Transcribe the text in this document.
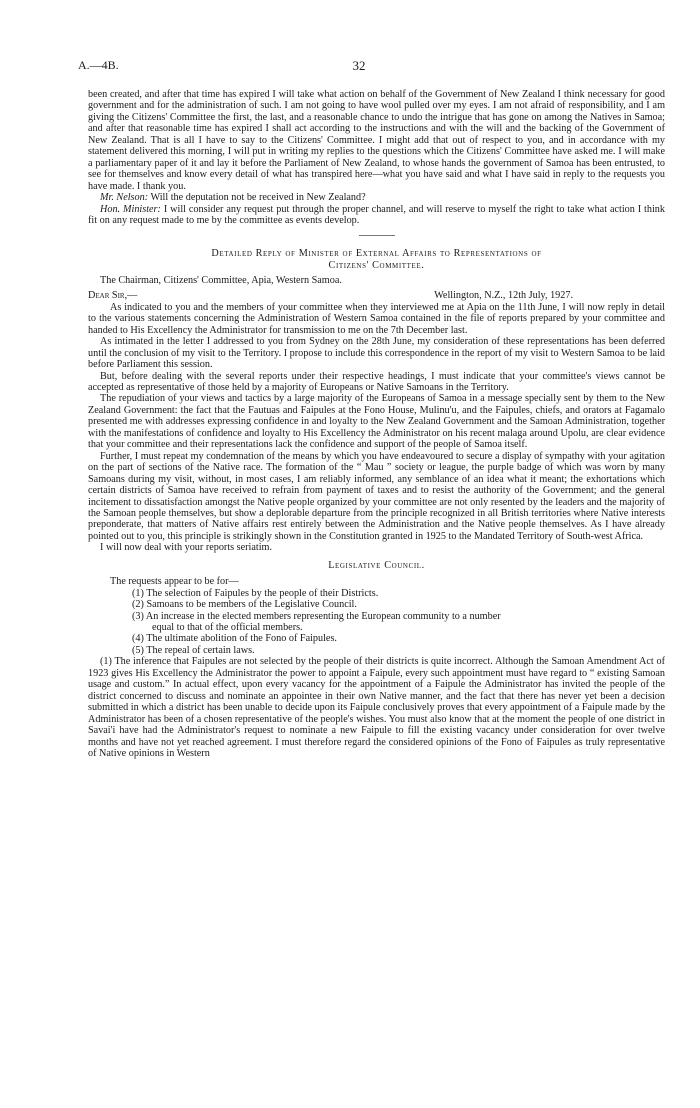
A.—4B.	32

been created, and after that time has expired I will take what action on behalf of the Government of New Zealand I think necessary for good government and for the administration of such. I am not going to have wool pulled over my eyes. I am not afraid of responsibility, and I am giving the Citizens' Committee the first, the last, and a reasonable chance to undo the intrigue that has gone on among the Natives in Samoa; and after that reasonable time has expired I shall act according to the instructions and with the will and the backing of the Government of New Zealand. That is all I have to say to the Citizens' Committee. I might add that out of respect to you, and in accordance with my statement delivered this morning, I will put in writing my replies to the questions which the Citizens' Committee have asked me. I will make a parliamentary paper of it and lay it before the Parliament of New Zealand, to whose hands the government of Samoa has been entrusted, to see for themselves and know every detail of what has transpired here—what you have said and what I have said in reply to the requests you have made. I thank you.

Mr. Nelson: Will the deputation not be received in New Zealand?

Hon. Minister: I will consider any request put through the proper channel, and will reserve to myself the right to take what action I think fit on any request made to me by the committee as events develop.

Detailed Reply of Minister of External Affairs to Representations of
Citizens' Committee.
The Chairman, Citizens' Committee, Apia, Western Samoa.
Dear Sir,—	Wellington, N.Z., 12th July, 1927.

As indicated to you and the members of your committee when they interviewed me at Apia on the 11th June, I will now reply in detail to the various statements concerning the Administration of Western Samoa contained in the file of reports prepared by your committee and handed to His Excellency the Administrator for transmission to me on the 7th December last.

As intimated in the letter I addressed to you from Sydney on the 28th June, my consideration of these representations has been deferred until the conclusion of my visit to the Territory. I propose to include this correspondence in the report of my visit to Western Samoa to be laid before Parliament this session.

But, before dealing with the several reports under their respective headings, I must indicate that your committee's views cannot be accepted as representative of those held by a majority of Europeans or Native Samoans in the Territory.

The repudiation of your views and tactics by a large majority of the Europeans of Samoa in a message specially sent by them to the New Zealand Government: the fact that the Fautuas and Faipules at the Fono House, Mulinu'u, and the Faipules, chiefs, and orators at Fagamalo presented me with addresses expressing confidence in and loyalty to the New Zealand Government and the Samoan Administration, together with the manifestations of confidence and loyalty to His Excellency the Administrator on his recent malaga around Upolu, are clear evidence that your committee and their representations lack the confidence and support of the people of Samoa itself.

Further, I must repeat my condemnation of the means by which you have endeavoured to secure a display of sympathy with your agitation on the part of sections of the Native race. The formation of the “ Mau ” society or league, the purple badge of which was worn by many Samoans during my visit, without, in most cases, I am reliably informed, any semblance of an idea what it meant; the exhortations which certain districts of Samoa have received to refrain from payment of taxes and to resist the authority of the Government; and the general incitement to dissatisfaction amongst the Native people organized by your committee are not only resented by the leaders and the majority of the Samoan people themselves, but show a deplorable departure from the principle recognized in all British territories where Native interests preponderate, that matters of Native affairs rest entirely between the Administration and the Native people themselves. As I have already pointed out to you, this principle is strikingly shown in the Constitution granted in 1925 to the Mandated Territory of South-west Africa.

I will now deal with your reports seriatim.

Legislative Council.

The requests appear to be for—

(1) The selection of Faipules by the people of their Districts.
(2) Samoans to be members of the Legislative Council.
(3) An increase in the elected members representing the European community to a number
equal to that of the official members.
(4) The ultimate abolition of the Fono of Faipules.
(5) The repeal of certain laws.

(1) The inference that Faipules are not selected by the people of their districts is quite incorrect. Although the Samoan Amendment Act of 1923 gives His Excellency the Administrator the power to appoint a Faipule, every such appointment must have regard to “ existing Samoan usage and custom.” In actual effect, upon every vacancy for the appointment of a Faipule the Administrator has invited the people of the district concerned to discuss and nominate an appointee in their own Native manner, and the fact that there has never yet been a decision submitted in which a district has been unable to decide upon its Faipule conclusively proves that every appointment of a Faipule made by the Administrator has been of a chosen representative of the people's wishes. You must also know that at the moment the people of one district in Savai'i have had the Administrator's request to nominate a new Faipule to fill the existing vacancy under consideration for over twelve months and have not yet reached agreement. I must therefore regard the considered opinions of the Fono of Faipules as truly representative of Native opinions in Western
